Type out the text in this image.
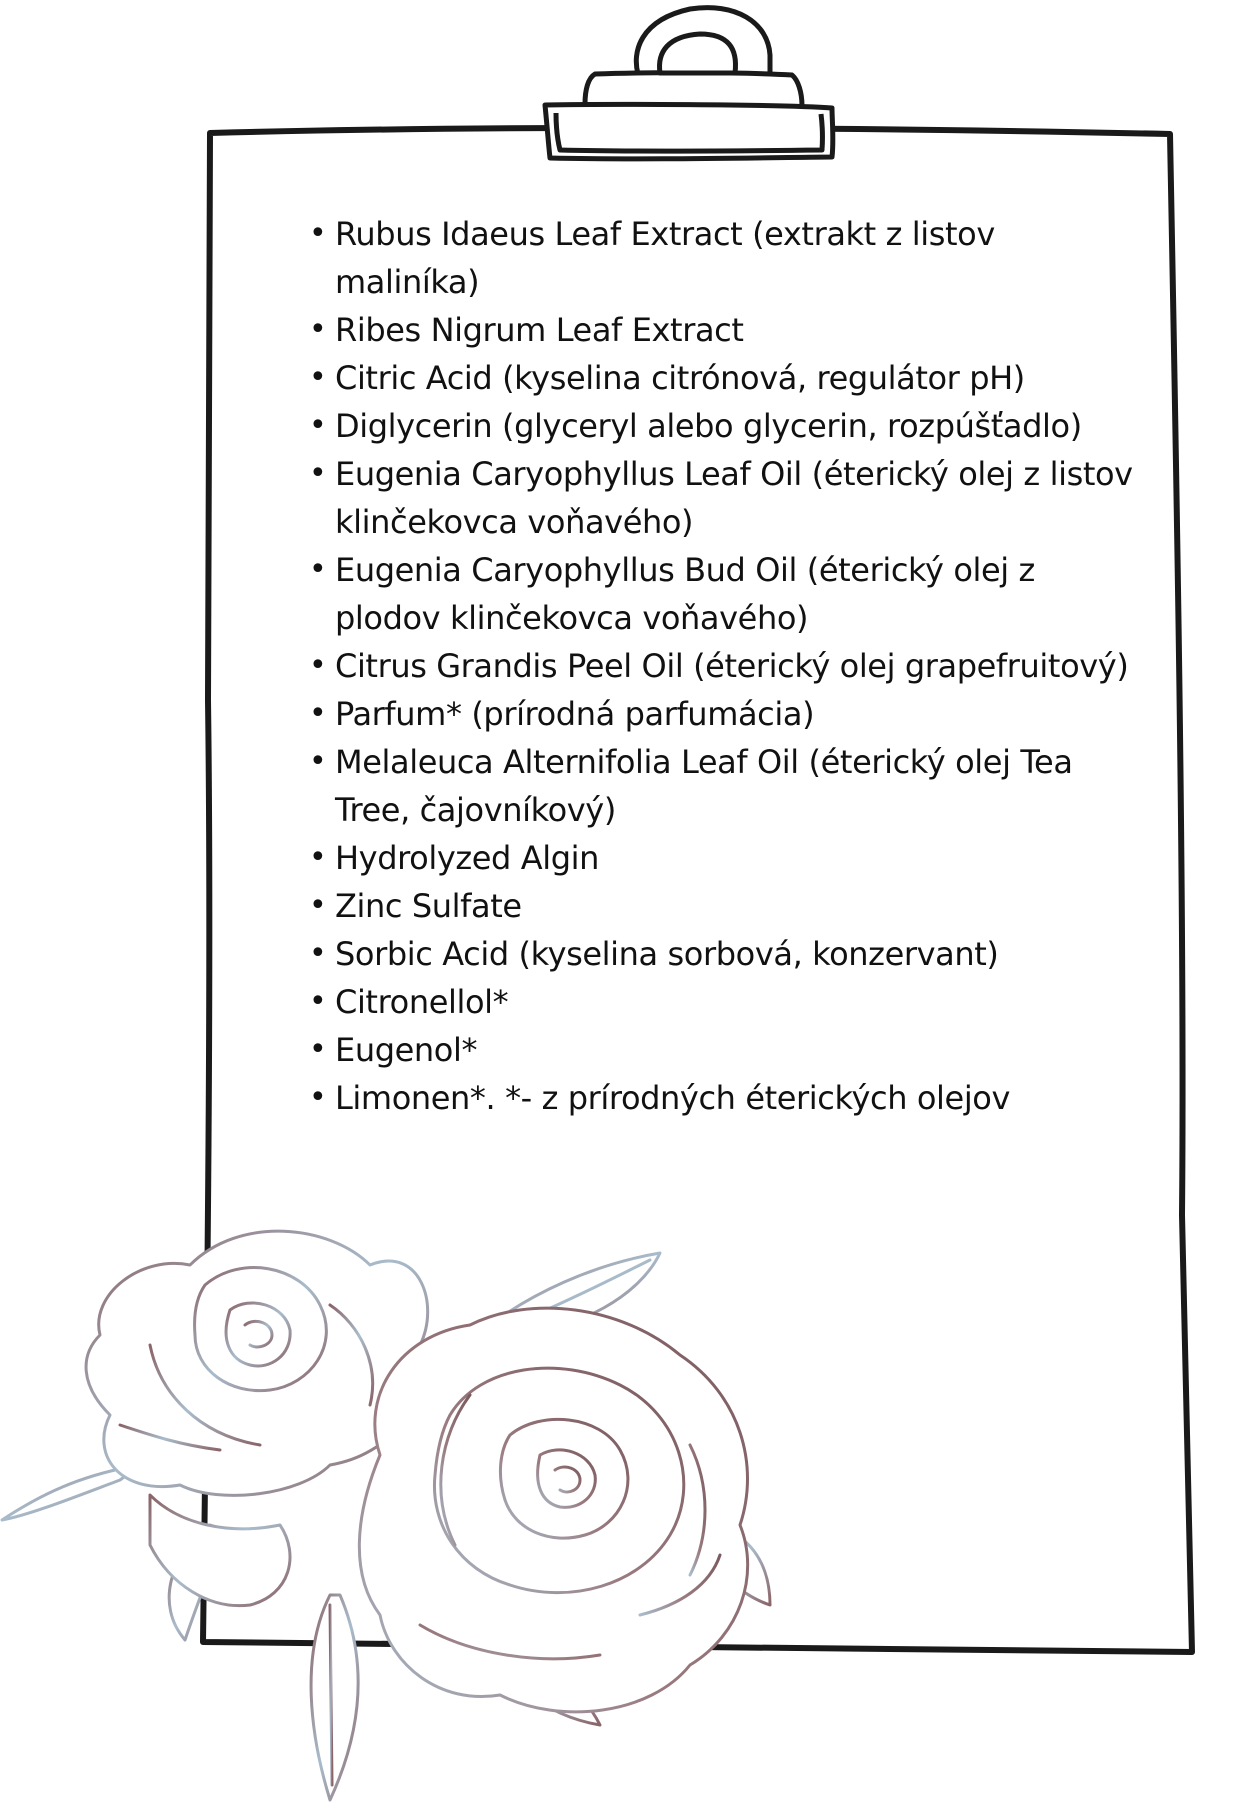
• Rubus Idaeus Leaf Extract (extrakt z listov maliníka)
• Ribes Nigrum Leaf Extract
• Citric Acid (kyselina citrónová, regulátor pH)
• Diglycerin (glyceryl alebo glycerin, rozpúšťadlo)
• Eugenia Caryophyllus Leaf Oil (éterický olej z listov klinčekovca voňavého)
• Eugenia Caryophyllus Bud Oil (éterický olej z plodov klinčekovca voňavého)
• Citrus Grandis Peel Oil (éterický olej grapefruitový)
• Parfum* (prírodná parfumácia)
• Melaleuca Alternifolia Leaf Oil (éterický olej Tea Tree, čajovníkový)
• Hydrolyzed Algin
• Zinc Sulfate
• Sorbic Acid (kyselina sorbová, konzervant)
• Citronellol*
• Eugenol*
• Limonen*. *- z prírodných éterických olejov
